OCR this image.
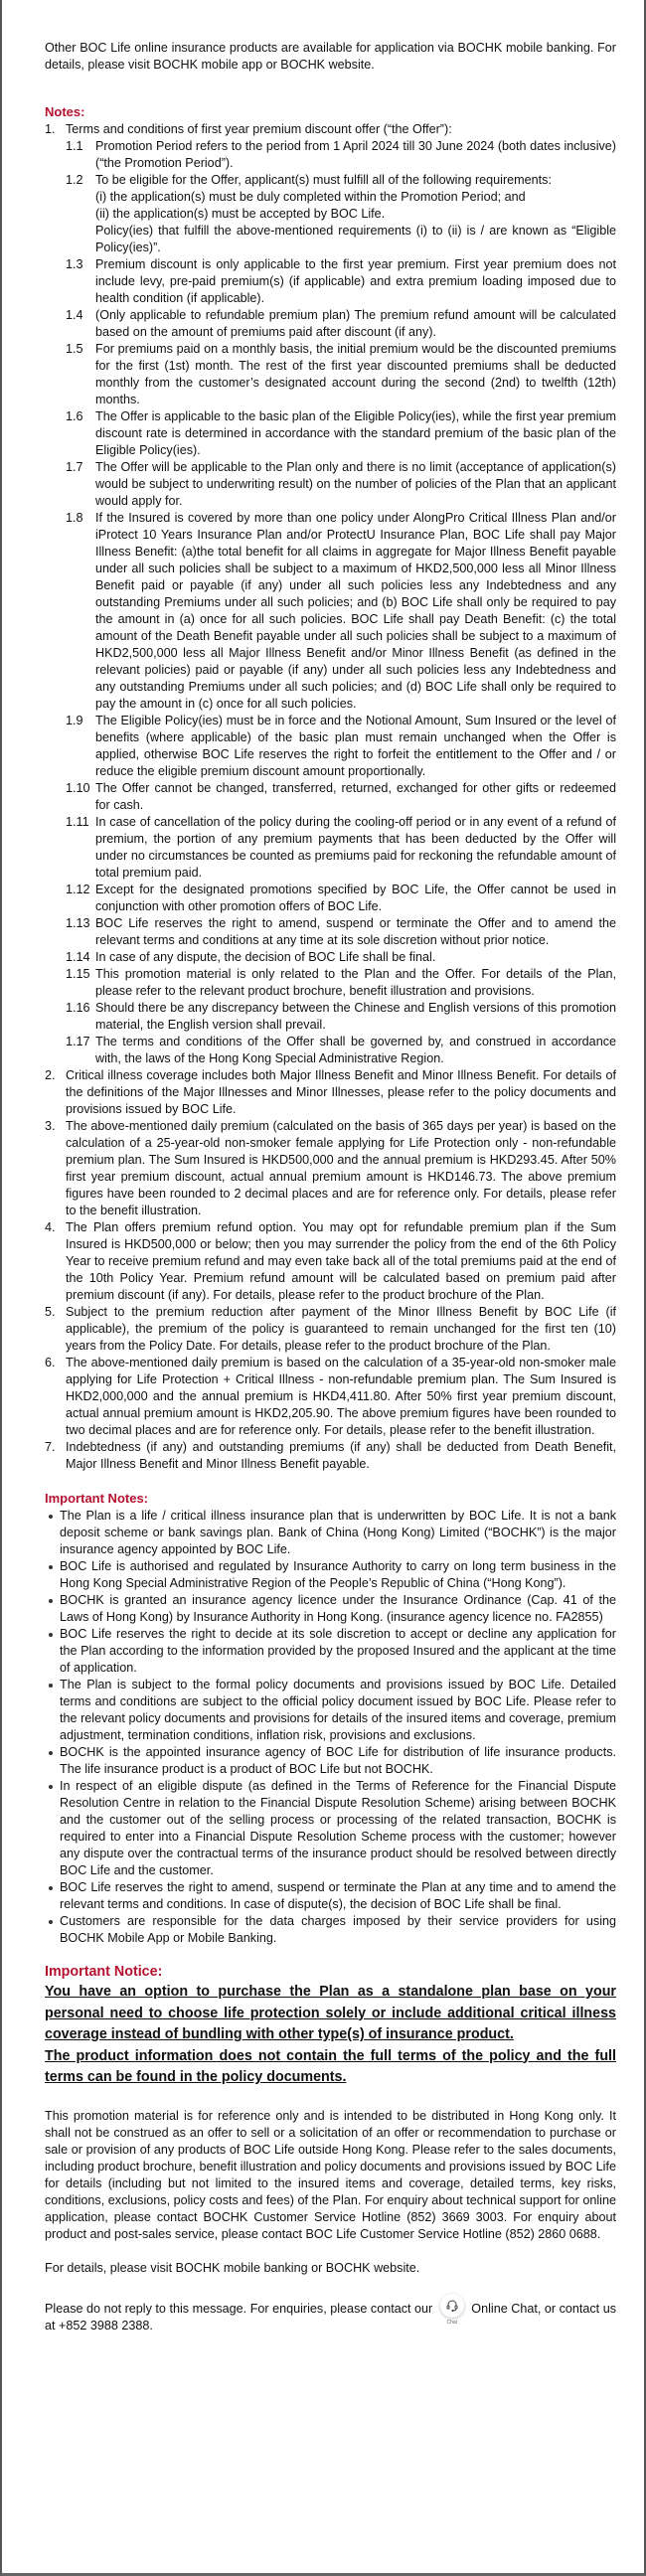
Other BOC Life online insurance products are available for application via BOCHK mobile banking. For details, please visit BOCHK mobile app or BOCHK website.

Notes:
1. Terms and conditions of first year premium discount offer (“the Offer”):
1.1 Promotion Period refers to the period from 1 April 2024 till 30 June 2024 (both dates inclusive) (“the Promotion Period”).
1.2 To be eligible for the Offer, applicant(s) must fulfill all of the following requirements:
(i) the application(s) must be duly completed within the Promotion Period; and
(ii) the application(s) must be accepted by BOC Life.
Policy(ies) that fulfill the above-mentioned requirements (i) to (ii) is / are known as “Eligible Policy(ies)”.
1.3 Premium discount is only applicable to the first year premium. First year premium does not include levy, pre-paid premium(s) (if applicable) and extra premium loading imposed due to health condition (if applicable).
1.4 (Only applicable to refundable premium plan) The premium refund amount will be calculated based on the amount of premiums paid after discount (if any).
1.5 For premiums paid on a monthly basis, the initial premium would be the discounted premiums for the first (1st) month. The rest of the first year discounted premiums shall be deducted monthly from the customer’s designated account during the second (2nd) to twelfth (12th) months.
1.6 The Offer is applicable to the basic plan of the Eligible Policy(ies), while the first year premium discount rate is determined in accordance with the standard premium of the basic plan of the Eligible Policy(ies).
1.7 The Offer will be applicable to the Plan only and there is no limit (acceptance of application(s) would be subject to underwriting result) on the number of policies of the Plan that an applicant would apply for.
1.8 If the Insured is covered by more than one policy under AlongPro Critical Illness Plan and/or iProtect 10 Years Insurance Plan and/or ProtectU Insurance Plan, BOC Life shall pay Major Illness Benefit: (a)the total benefit for all claims in aggregate for Major Illness Benefit payable under all such policies shall be subject to a maximum of HKD2,500,000 less all Minor Illness Benefit paid or payable (if any) under all such policies less any Indebtedness and any outstanding Premiums under all such policies; and (b) BOC Life shall only be required to pay the amount in (a) once for all such policies. BOC Life shall pay Death Benefit: (c) the total amount of the Death Benefit payable under all such policies shall be subject to a maximum of HKD2,500,000 less all Major Illness Benefit and/or Minor Illness Benefit (as defined in the relevant policies) paid or payable (if any) under all such policies less any Indebtedness and any outstanding Premiums under all such policies; and (d) BOC Life shall only be required to pay the amount in (c) once for all such policies.
1.9 The Eligible Policy(ies) must be in force and the Notional Amount, Sum Insured or the level of benefits (where applicable) of the basic plan must remain unchanged when the Offer is applied, otherwise BOC Life reserves the right to forfeit the entitlement to the Offer and / or reduce the eligible premium discount amount proportionally.
1.10 The Offer cannot be changed, transferred, returned, exchanged for other gifts or redeemed for cash.
1.11 In case of cancellation of the policy during the cooling-off period or in any event of a refund of premium, the portion of any premium payments that has been deducted by the Offer will under no circumstances be counted as premiums paid for reckoning the refundable amount of total premium paid.
1.12 Except for the designated promotions specified by BOC Life, the Offer cannot be used in conjunction with other promotion offers of BOC Life.
1.13 BOC Life reserves the right to amend, suspend or terminate the Offer and to amend the relevant terms and conditions at any time at its sole discretion without prior notice.
1.14 In case of any dispute, the decision of BOC Life shall be final.
1.15 This promotion material is only related to the Plan and the Offer. For details of the Plan, please refer to the relevant product brochure, benefit illustration and provisions.
1.16 Should there be any discrepancy between the Chinese and English versions of this promotion material, the English version shall prevail.
1.17 The terms and conditions of the Offer shall be governed by, and construed in accordance with, the laws of the Hong Kong Special Administrative Region.
2. Critical illness coverage includes both Major Illness Benefit and Minor Illness Benefit. For details of the definitions of the Major Illnesses and Minor Illnesses, please refer to the policy documents and provisions issued by BOC Life.
3. The above-mentioned daily premium (calculated on the basis of 365 days per year) is based on the calculation of a 25-year-old non-smoker female applying for Life Protection only - non-refundable premium plan. The Sum Insured is HKD500,000 and the annual premium is HKD293.45. After 50% first year premium discount, actual annual premium amount is HKD146.73. The above premium figures have been rounded to 2 decimal places and are for reference only. For details, please refer to the benefit illustration.
4. The Plan offers premium refund option. You may opt for refundable premium plan if the Sum Insured is HKD500,000 or below; then you may surrender the policy from the end of the 6th Policy Year to receive premium refund and may even take back all of the total premiums paid at the end of the 10th Policy Year. Premium refund amount will be calculated based on premium paid after premium discount (if any). For details, please refer to the product brochure of the Plan.
5. Subject to the premium reduction after payment of the Minor Illness Benefit by BOC Life (if applicable), the premium of the policy is guaranteed to remain unchanged for the first ten (10) years from the Policy Date. For details, please refer to the product brochure of the Plan.
6. The above-mentioned daily premium is based on the calculation of a 35-year-old non-smoker male applying for Life Protection + Critical Illness - non-refundable premium plan. The Sum Insured is HKD2,000,000 and the annual premium is HKD4,411.80. After 50% first year premium discount, actual annual premium amount is HKD2,205.90. The above premium figures have been rounded to two decimal places and are for reference only. For details, please refer to the benefit illustration.
7. Indebtedness (if any) and outstanding premiums (if any) shall be deducted from Death Benefit, Major Illness Benefit and Minor Illness Benefit payable.
Important Notes:
The Plan is a life / critical illness insurance plan that is underwritten by BOC Life. It is not a bank deposit scheme or bank savings plan. Bank of China (Hong Kong) Limited (“BOCHK”) is the major insurance agency appointed by BOC Life.
BOC Life is authorised and regulated by Insurance Authority to carry on long term business in the Hong Kong Special Administrative Region of the People’s Republic of China (“Hong Kong”).
BOCHK is granted an insurance agency licence under the Insurance Ordinance (Cap. 41 of the Laws of Hong Kong) by Insurance Authority in Hong Kong. (insurance agency licence no. FA2855)
BOC Life reserves the right to decide at its sole discretion to accept or decline any application for the Plan according to the information provided by the proposed Insured and the applicant at the time of application.
The Plan is subject to the formal policy documents and provisions issued by BOC Life. Detailed terms and conditions are subject to the official policy document issued by BOC Life. Please refer to the relevant policy documents and provisions for details of the insured items and coverage, premium adjustment, termination conditions, inflation risk, provisions and exclusions.
BOCHK is the appointed insurance agency of BOC Life for distribution of life insurance products. The life insurance product is a product of BOC Life but not BOCHK.
In respect of an eligible dispute (as defined in the Terms of Reference for the Financial Dispute Resolution Centre in relation to the Financial Dispute Resolution Scheme) arising between BOCHK and the customer out of the selling process or processing of the related transaction, BOCHK is required to enter into a Financial Dispute Resolution Scheme process with the customer; however any dispute over the contractual terms of the insurance product should be resolved between directly BOC Life and the customer.
BOC Life reserves the right to amend, suspend or terminate the Plan at any time and to amend the relevant terms and conditions. In case of dispute(s), the decision of BOC Life shall be final.
Customers are responsible for the data charges imposed by their service providers for using BOCHK Mobile App or Mobile Banking.
Important Notice:
You have an option to purchase the Plan as a standalone plan base on your personal need to choose life protection solely or include additional critical illness coverage instead of bundling with other type(s) of insurance product.
The product information does not contain the full terms of the policy and the full terms can be found in the policy documents.

This promotion material is for reference only and is intended to be distributed in Hong Kong only. It shall not be construed as an offer to sell or a solicitation of an offer or recommendation to purchase or sale or provision of any products of BOC Life outside Hong Kong. Please refer to the sales documents, including product brochure, benefit illustration and policy documents and provisions issued by BOC Life for details (including but not limited to the insured items and coverage, detailed terms, key risks, conditions, exclusions, policy costs and fees) of the Plan. For enquiry about technical support for online application, please contact BOCHK Customer Service Hotline (852) 3669 3003. For enquiry about product and post-sales service, please contact BOC Life Customer Service Hotline (852) 2860 0688.

For details, please visit BOCHK mobile banking or BOCHK website.

Please do not reply to this message. For enquiries, please contact our
Chat
Online Chat, or contact us at +852 3988 2388.
